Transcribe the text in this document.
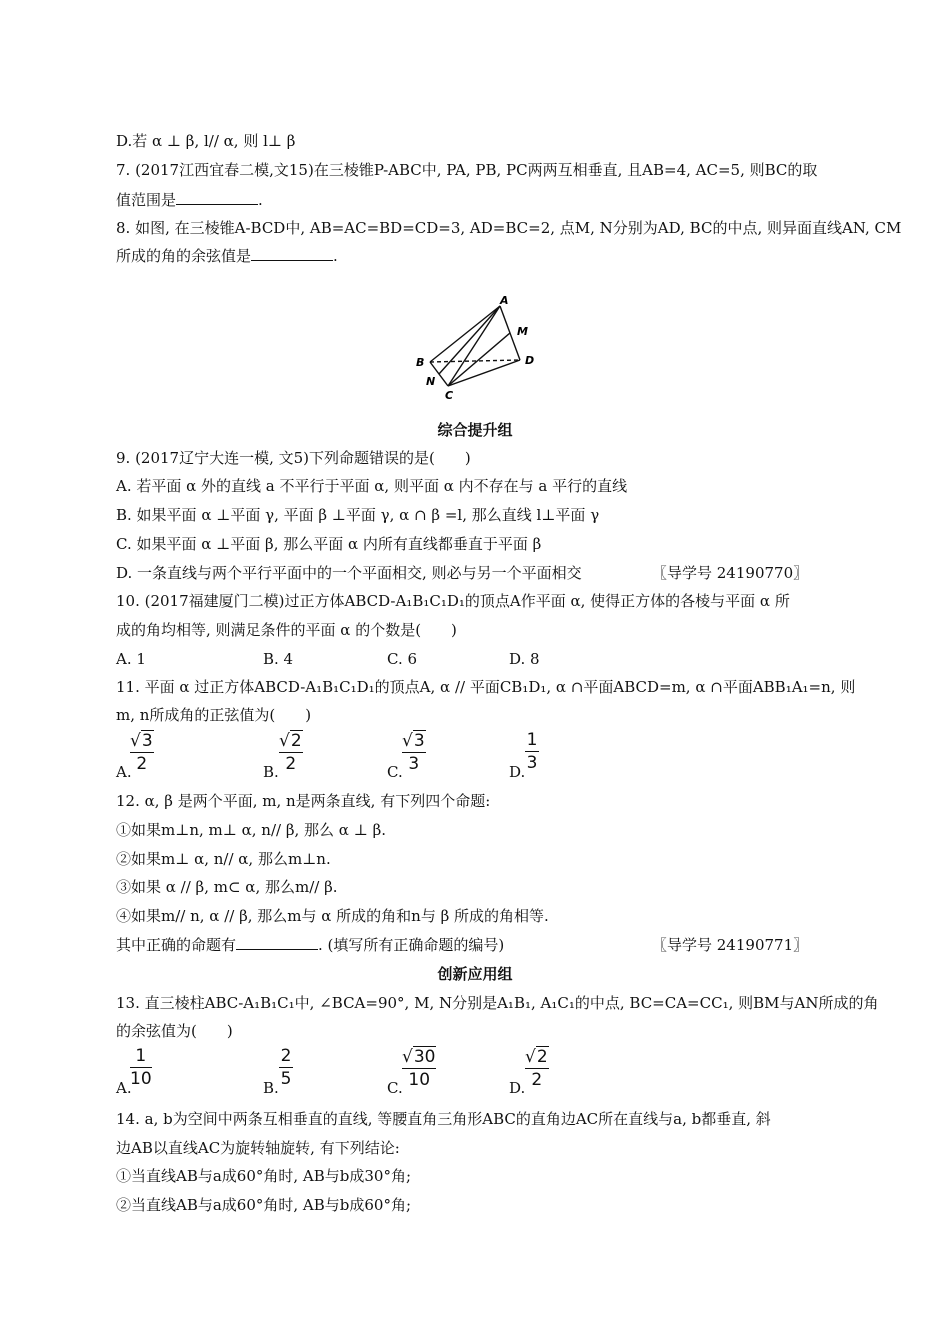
D.若 α ⊥ β, l// α, 则 l⊥ β
7. (2017江西宜春二模,文15)在三棱锥P-ABC中, PA, PB, PC两两互相垂直, 且AB=4, AC=5, 则BC的取
值范围是	.
8. 如图, 在三棱锥A-BCD中, AB=AC=BD=CD=3, AD=BC=2, 点M, N分别为AD, BC的中点, 则异面直线AN, CM
所成的角的余弦值是	.
A
M
D
B
N
C
综合提升组
9. (2017辽宁大连一模, 文5)下列命题错误的是(　　)
A. 若平面 α 外的直线 a 不平行于平面 α, 则平面 α 内不存在与 a 平行的直线
B. 如果平面 α ⊥平面 γ, 平面 β ⊥平面 γ, α ∩ β =l, 那么直线 l⊥平面 γ
C. 如果平面 α ⊥平面 β, 那么平面 α 内所有直线都垂直于平面 β
D. 一条直线与两个平行平面中的一个平面相交, 则必与另一个平面相交	〖导学号 24190770〗
10. (2017福建厦门二模)过正方体ABCD-A₁B₁C₁D₁的顶点A作平面 α, 使得正方体的各棱与平面 α 所
成的角均相等, 则满足条件的平面 α 的个数是(　　)
A. 1	B. 4	C. 6	D. 8
11. 平面 α 过正方体ABCD-A₁B₁C₁D₁的顶点A, α // 平面CB₁D₁, α ∩平面ABCD=m, α ∩平面ABB₁A₁=n, 则
m, n所成角的正弦值为(　　)
A.
√3
2	B.
√2
2	C.
√3
3	D.
1
3
12. α, β 是两个平面, m, n是两条直线, 有下列四个命题:
①如果m⊥n, m⊥ α, n// β, 那么 α ⊥ β.
②如果m⊥ α, n// α, 那么m⊥n.
③如果 α // β, m⊂ α, 那么m// β.
④如果m// n, α // β, 那么m与 α 所成的角和n与 β 所成的角相等.
其中正确的命题有	. (填写所有正确命题的编号)	〖导学号 24190771〗
创新应用组
13. 直三棱柱ABC-A₁B₁C₁中, ∠BCA=90°, M, N分别是A₁B₁, A₁C₁的中点, BC=CA=CC₁, 则BM与AN所成的角
的余弦值为(　　)
A.
1
10	B.
2
5	C.
√30
10	D.
√2
2
14. a, b为空间中两条互相垂直的直线, 等腰直角三角形ABC的直角边AC所在直线与a, b都垂直, 斜
边AB以直线AC为旋转轴旋转, 有下列结论:
①当直线AB与a成60°角时, AB与b成30°角;
②当直线AB与a成60°角时, AB与b成60°角;
